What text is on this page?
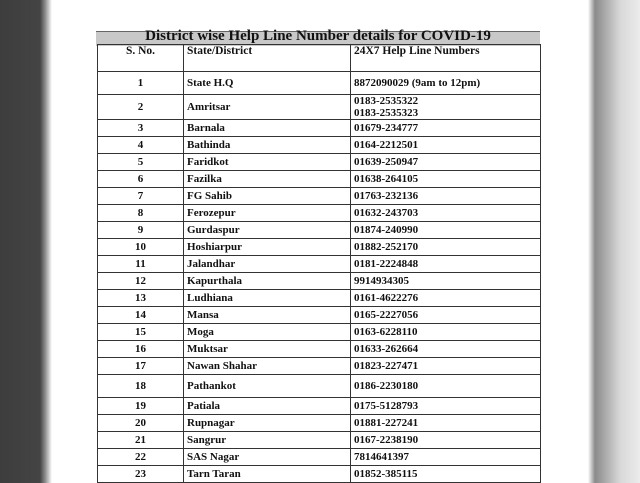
District wise Help Line Number details for COVID-19
S. No.	State/District	24X7 Help Line Numbers
1	State H.Q	8872090029 (9am to 12pm)
2	Amritsar	0183-2535322
0183-2535323

3	Barnala	01679-234777
4	Bathinda	0164-2212501
5	Faridkot	01639-250947
6	Fazilka	01638-264105
7	FG Sahib	01763-232136
8	Ferozepur	01632-243703
9	Gurdaspur	01874-240990
10	Hoshiarpur	01882-252170
11	Jalandhar	0181-2224848
12	Kapurthala	9914934305
13	Ludhiana	0161-4622276
14	Mansa	0165-2227056
15	Moga	0163-6228110
16	Muktsar	01633-262664
17	Nawan Shahar	01823-227471
18	Pathankot	0186-2230180
19	Patiala	0175-5128793
20	Rupnagar	01881-227241
21	Sangrur	0167-2238190
22	SAS Nagar	7814641397
23	Tarn Taran	01852-385115
